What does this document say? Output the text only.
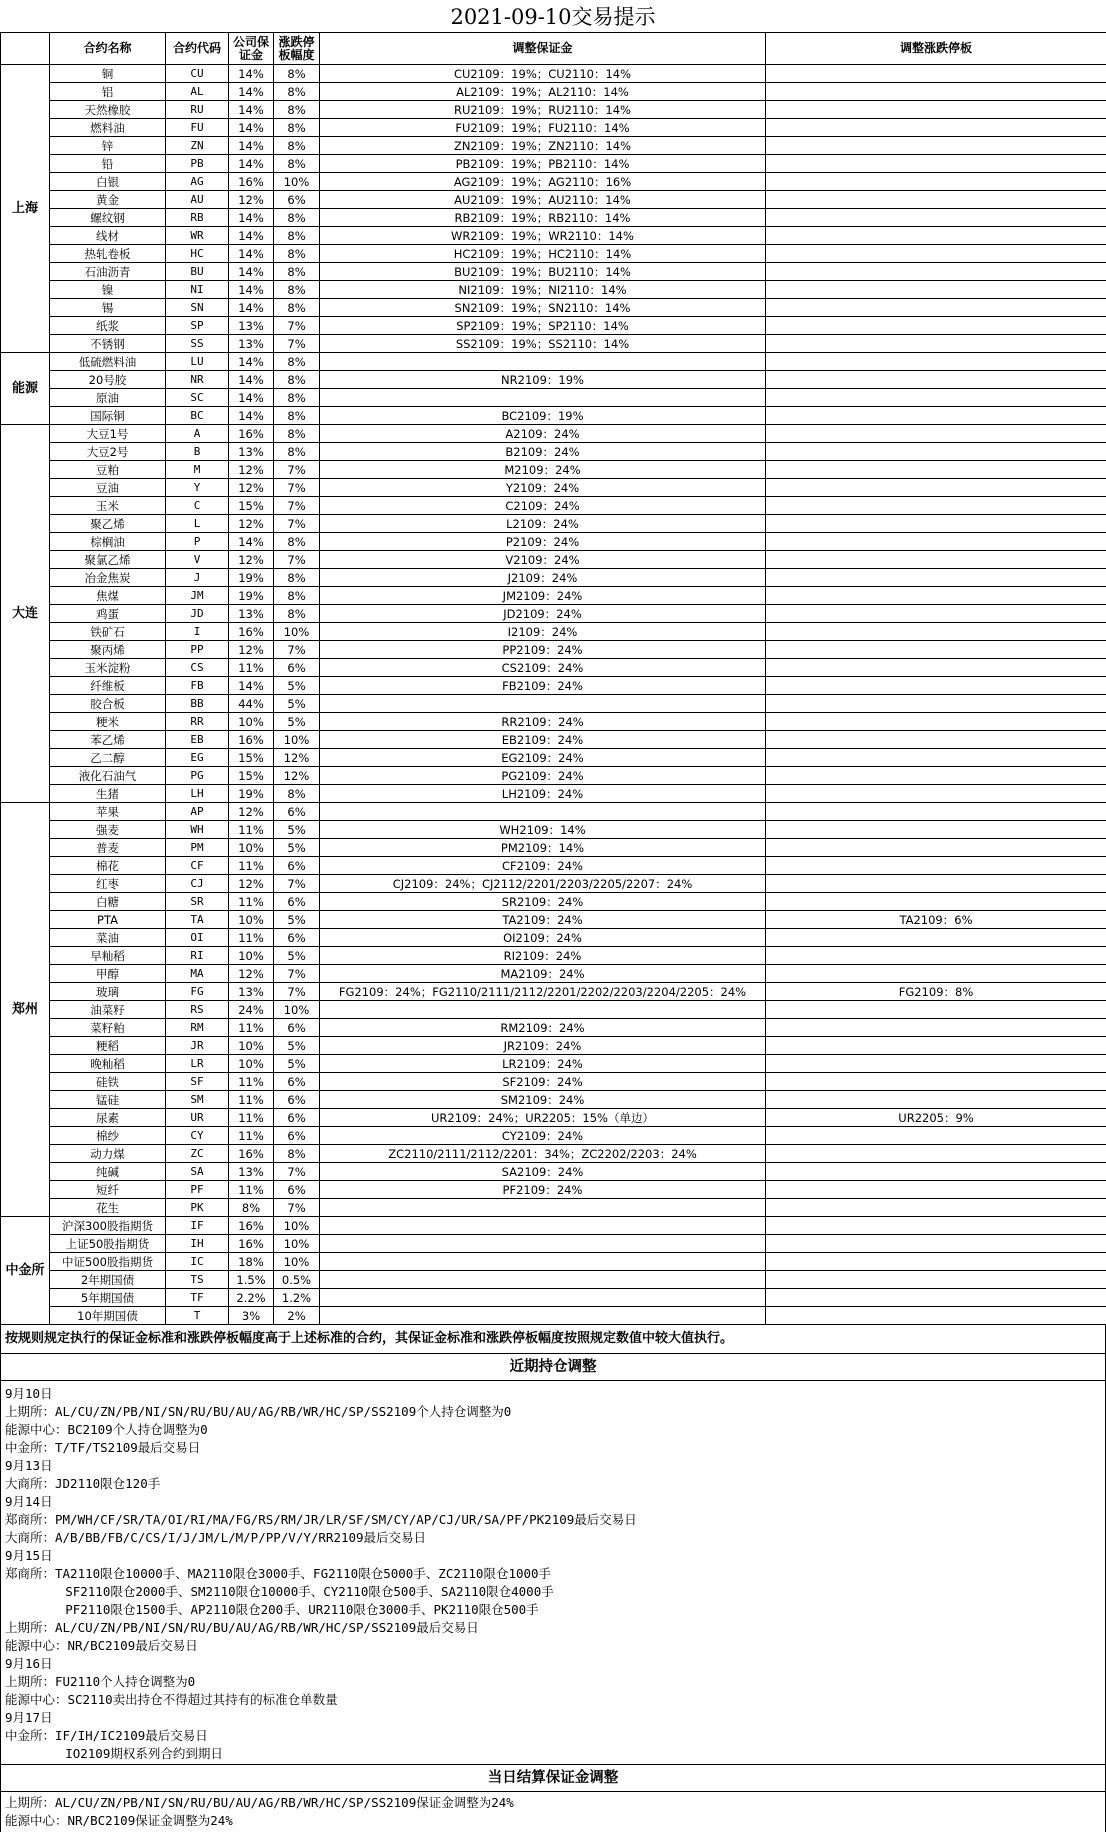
2021-09-10交易提示
	合约名称	合约代码	公司保证金	涨跌停板幅度	调整保证金	调整涨跌停板
上海	铜	CU	14%	8%	CU2109：19%；CU2110：14%	
	铝	AL	14%	8%	AL2109：19%；AL2110：14%	
	天然橡胶	RU	14%	8%	RU2109：19%；RU2110：14%	
	燃料油	FU	14%	8%	FU2109：19%；FU2110：14%	
	锌	ZN	14%	8%	ZN2109：19%；ZN2110：14%	
	铅	PB	14%	8%	PB2109：19%；PB2110：14%	
	白银	AG	16%	10%	AG2109：19%；AG2110：16%	
	黄金	AU	12%	6%	AU2109：19%；AU2110：14%	
	螺纹钢	RB	14%	8%	RB2109：19%；RB2110：14%	
	线材	WR	14%	8%	WR2109：19%；WR2110：14%	
	热轧卷板	HC	14%	8%	HC2109：19%；HC2110：14%	
	石油沥青	BU	14%	8%	BU2109：19%；BU2110：14%	
	镍	NI	14%	8%	NI2109：19%；NI2110：14%	
	锡	SN	14%	8%	SN2109：19%；SN2110：14%	
	纸浆	SP	13%	7%	SP2109：19%；SP2110：14%	
	不锈钢	SS	13%	7%	SS2109：19%；SS2110：14%	
能源	低硫燃料油	LU	14%	8%		
	20号胶	NR	14%	8%	NR2109：19%	
	原油	SC	14%	8%		
	国际铜	BC	14%	8%	BC2109：19%	
大连	大豆1号	A	16%	8%	A2109：24%	
	大豆2号	B	13%	8%	B2109：24%	
	豆粕	M	12%	7%	M2109：24%	
	豆油	Y	12%	7%	Y2109：24%	
	玉米	C	15%	7%	C2109：24%	
	聚乙烯	L	12%	7%	L2109：24%	
	棕榈油	P	14%	8%	P2109：24%	
	聚氯乙烯	V	12%	7%	V2109：24%	
	冶金焦炭	J	19%	8%	J2109：24%	
	焦煤	JM	19%	8%	JM2109：24%	
	鸡蛋	JD	13%	8%	JD2109：24%	
	铁矿石	I	16%	10%	I2109：24%	
	聚丙烯	PP	12%	7%	PP2109：24%	
	玉米淀粉	CS	11%	6%	CS2109：24%	
	纤维板	FB	14%	5%	FB2109：24%	
	胶合板	BB	44%	5%		
	粳米	RR	10%	5%	RR2109：24%	
	苯乙烯	EB	16%	10%	EB2109：24%	
	乙二醇	EG	15%	12%	EG2109：24%	
	液化石油气	PG	15%	12%	PG2109：24%	
	生猪	LH	19%	8%	LH2109：24%	
郑州	苹果	AP	12%	6%		
	强麦	WH	11%	5%	WH2109：14%	
	普麦	PM	10%	5%	PM2109：14%	
	棉花	CF	11%	6%	CF2109：24%	
	红枣	CJ	12%	7%	CJ2109：24%；CJ2112/2201/2203/2205/2207：24%	
	白糖	SR	11%	6%	SR2109：24%	
	PTA	TA	10%	5%	TA2109：24%	TA2109：6%
	菜油	OI	11%	6%	OI2109：24%	
	早籼稻	RI	10%	5%	RI2109：24%	
	甲醇	MA	12%	7%	MA2109：24%	
	玻璃	FG	13%	7%	FG2109：24%；FG2110/2111/2112/2201/2202/2203/2204/2205：24%	FG2109：8%
	油菜籽	RS	24%	10%		
	菜籽粕	RM	11%	6%	RM2109：24%	
	粳稻	JR	10%	5%	JR2109：24%	
	晚籼稻	LR	10%	5%	LR2109：24%	
	硅铁	SF	11%	6%	SF2109：24%	
	锰硅	SM	11%	6%	SM2109：24%	
	尿素	UR	11%	6%	UR2109：24%；UR2205：15%（单边）	UR2205：9%
	棉纱	CY	11%	6%	CY2109：24%	
	动力煤	ZC	16%	8%	ZC2110/2111/2112/2201：34%；ZC2202/2203：24%	
	纯碱	SA	13%	7%	SA2109：24%	
	短纤	PF	11%	6%	PF2109：24%	
	花生	PK	8%	7%		
中金所	沪深300股指期货	IF	16%	10%		
	上证50股指期货	IH	16%	10%		
	中证500股指期货	IC	18%	10%		
	2年期国债	TS	1.5%	0.5%		
	5年期国债	TF	2.2%	1.2%		
	10年期国债	T	3%	2%		
按规则规定执行的保证金标准和涨跌停板幅度高于上述标准的合约，其保证金标准和涨跌停板幅度按照规定数值中较大值执行。
近期持仓调整
9月10日
上期所：AL/CU/ZN/PB/NI/SN/RU/BU/AU/AG/RB/WR/HC/SP/SS2109个人持仓调整为0
能源中心：BC2109个人持仓调整为0
中金所：T/TF/TS2109最后交易日
9月13日
大商所：JD2110限仓120手
9月14日
郑商所：PM/WH/CF/SR/TA/OI/RI/MA/FG/RS/RM/JR/LR/SF/SM/CY/AP/CJ/UR/SA/PF/PK2109最后交易日
大商所：A/B/BB/FB/C/CS/I/J/JM/L/M/P/PP/V/Y/RR2109最后交易日
9月15日
郑商所：TA2110限仓10000手、MA2110限仓3000手、FG2110限仓5000手、ZC2110限仓1000手
SF2110限仓2000手、SM2110限仓10000手、CY2110限仓500手、SA2110限仓4000手
PF2110限仓1500手、AP2110限仓200手、UR2110限仓3000手、PK2110限仓500手
上期所：AL/CU/ZN/PB/NI/SN/RU/BU/AU/AG/RB/WR/HC/SP/SS2109最后交易日
能源中心：NR/BC2109最后交易日
9月16日
上期所：FU2110个人持仓调整为0
能源中心：SC2110卖出持仓不得超过其持有的标准仓单数量
9月17日
中金所：IF/IH/IC2109最后交易日
IO2109期权系列合约到期日
当日结算保证金调整
上期所：AL/CU/ZN/PB/NI/SN/RU/BU/AU/AG/RB/WR/HC/SP/SS2109保证金调整为24%
能源中心：NR/BC2109保证金调整为24%
